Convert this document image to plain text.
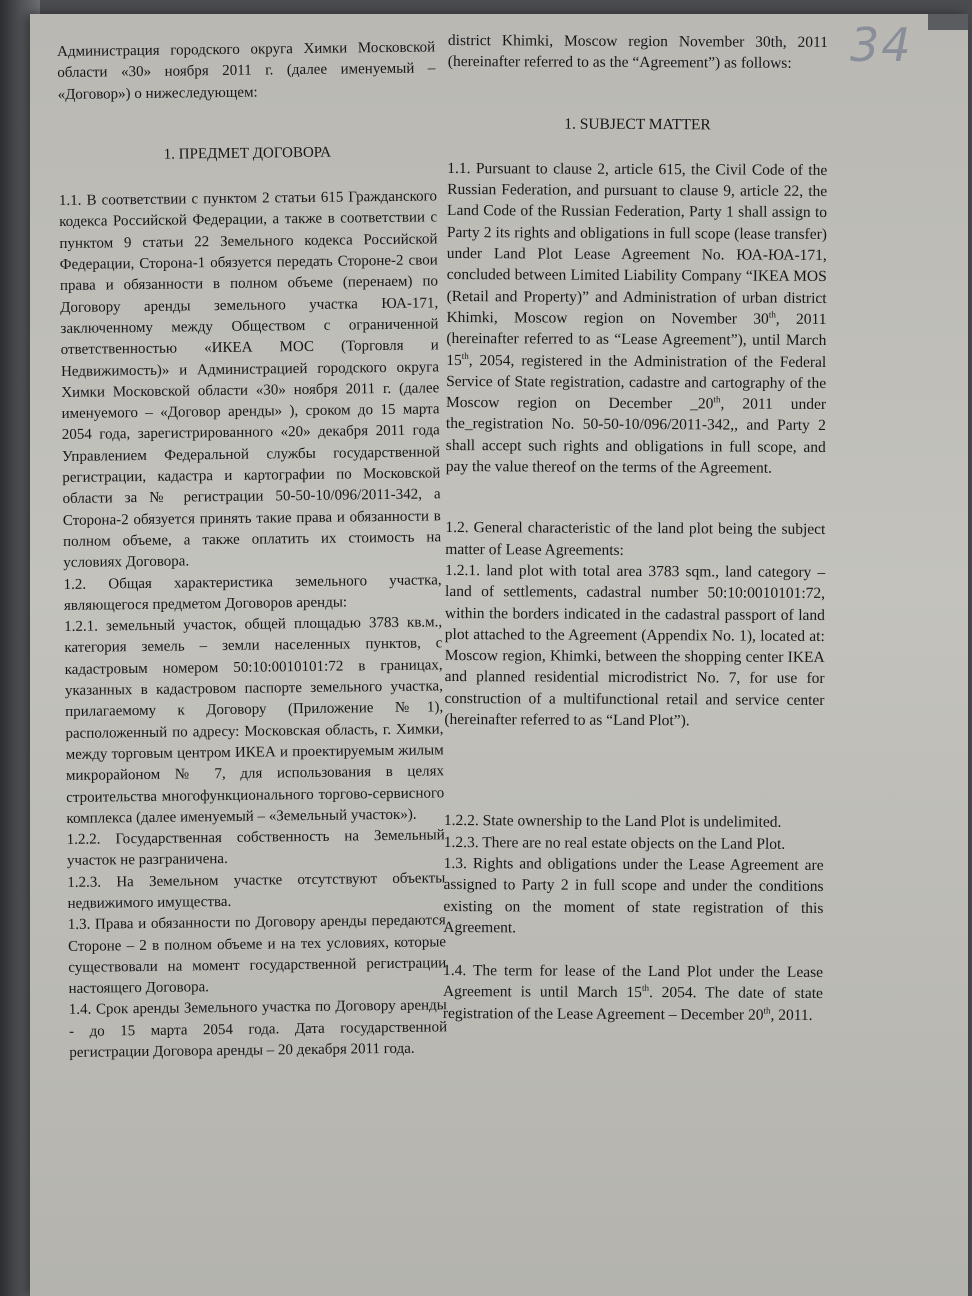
34

Администрация городского округа Химки Московской области «30» ноября 2011 г. (далее именуемый – «Договор») о нижеследующем:

1. ПРЕДМЕТ ДОГОВОРА

1.1. В соответствии с пунктом 2 статьи 615 Гражданского кодекса Российской Федерации, а также в соответствии с пунктом 9 статьи 22 Земельного кодекса Российской Федерации, Сторона-1 обязуется передать Стороне-2 свои права и обязанности в полном объеме (перенаем) по Договору аренды земельного участка ЮА-171, заключенному между Обществом с ограниченной ответственностью «ИКЕА МОС (Торговля и Недвижимость)» и Администрацией городского округа Химки Московской области «30» ноября 2011 г. (далее именуемого – «Договор аренды» ), сроком до 15 марта 2054 года, зарегистрированного «20» декабря 2011 года Управлением Федеральной службы государственной регистрации, кадастра и картографии по Московской области за № регистрации 50-50-10/096/2011-342, а Сторона-2 обязуется принять такие права и обязанности в полном объеме, а также оплатить их стоимость на условиях Договора.

1.2. Общая характеристика земельного участка, являющегося предметом Договоров аренды:

1.2.1. земельный участок, общей площадью 3783 кв.м., категория земель – земли населенных пунктов, с кадастровым номером 50:10:0010101:72 в границах, указанных в кадастровом паспорте земельного участка, прилагаемому к Договору (Приложение №1), расположенный по адресу: Московская область, г. Химки, между торговым центром ИКЕА и проектируемым жилым микрорайоном № 7, для использования в целях строительства многофункционального торгово-сервисного комплекса (далее именуемый – «Земельный участок»).

1.2.2. Государственная собственность на Земельный участок не разграничена.

1.2.3. На Земельном участке отсутствуют объекты недвижимого имущества.

1.3. Права и обязанности по Договору аренды передаются Стороне – 2 в полном объеме и на тех условиях, которые существовали на момент государственной регистрации настоящего Договора.

1.4. Срок аренды Земельного участка по Договору аренды - до 15 марта 2054 года. Дата государственной регистрации Договора аренды – 20 декабря 2011 года.

district Khimki, Moscow region November 30th, 2011 (hereinafter referred to as the “Agreement”) as follows:

1. SUBJECT MATTER

1.1. Pursuant to clause 2, article 615, the Civil Code of the Russian Federation, and pursuant to clause 9, article 22, the Land Code of the Russian Federation, Party 1 shall assign to Party 2 its rights and obligations in full scope (lease transfer) under Land Plot Lease Agreement No. ЮА-ЮА-171, concluded between Limited Liability Company “IKEA MOS (Retail and Property)” and Administration of urban district Khimki, Moscow region on November 30th, 2011 (hereinafter referred to as “Lease Agreement”), until March 15th, 2054, registered in the Administration of the Federal Service of State registration, cadastre and cartography of the Moscow region on December _20th, 2011 under the_registration No. 50-50-10/096/2011-342,, and Party 2 shall accept such rights and obligations in full scope, and pay the value thereof on the terms of the Agreement.

1.2. General characteristic of the land plot being the subject matter of Lease Agreements:

1.2.1. land plot with total area 3783 sqm., land category – land of settlements, cadastral number 50:10:0010101:72, within the borders indicated in the cadastral passport of land plot attached to the Agreement (Appendix No. 1), located at: Moscow region, Khimki, between the shopping center IKEA and planned residential microdistrict No. 7, for use for construction of a multifunctional retail and service center (hereinafter referred to as “Land Plot”).

1.2.2. State ownership to the Land Plot is undelimited.

1.2.3. There are no real estate objects on the Land Plot.

1.3. Rights and obligations under the Lease Agreement are assigned to Party 2 in full scope and under the conditions existing on the moment of state registration of this Agreement.

1.4. The term for lease of the Land Plot under the Lease Agreement is until March 15th. 2054. The date of state registration of the Lease Agreement – December 20th, 2011.
